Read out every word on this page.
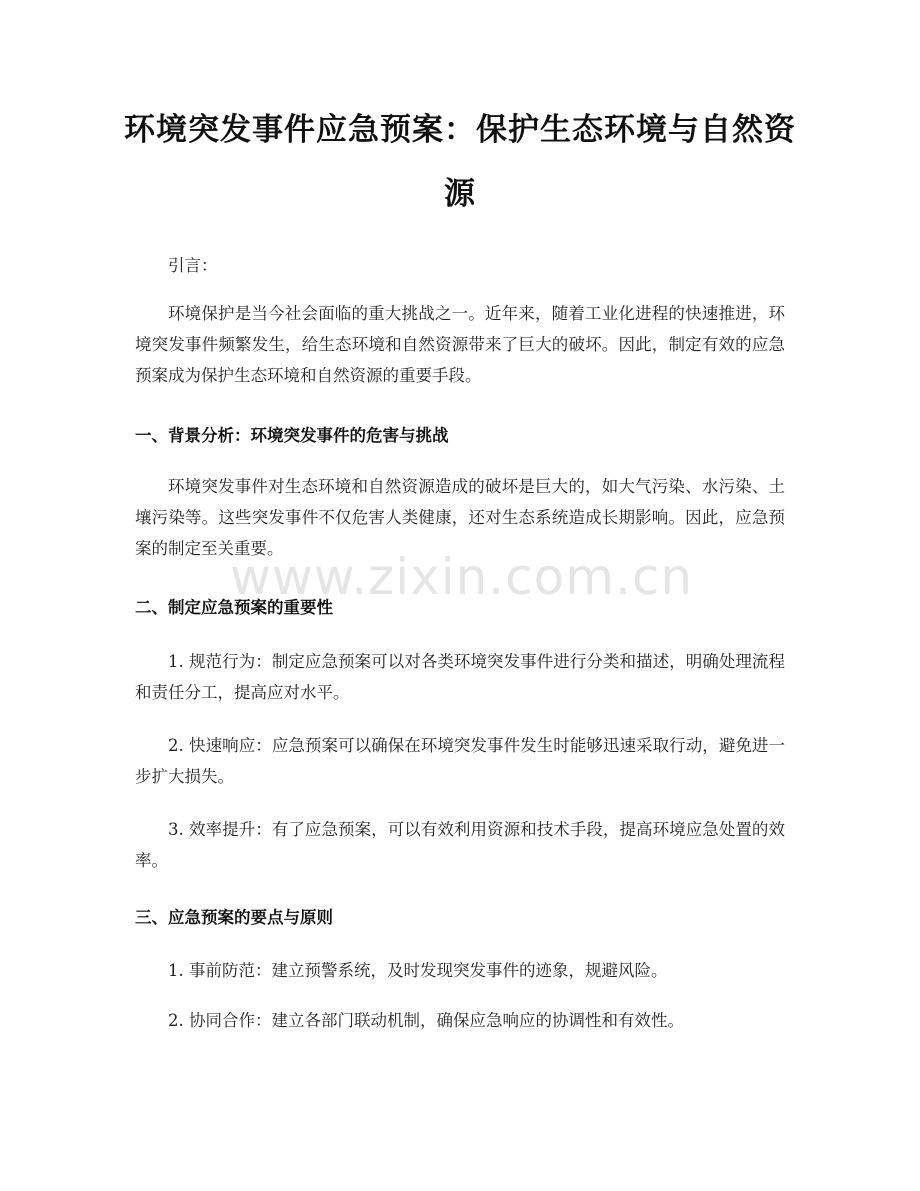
环境突发事件应急预案：保护生态环境与自然资源

引言：

环境保护是当今社会面临的重大挑战之一。近年来，随着工业化进程的快速推进，环境突发事件频繁发生，给生态环境和自然资源带来了巨大的破坏。因此，制定有效的应急预案成为保护生态环境和自然资源的重要手段。

一、背景分析：环境突发事件的危害与挑战

环境突发事件对生态环境和自然资源造成的破坏是巨大的，如大气污染、水污染、土壤污染等。这些突发事件不仅危害人类健康，还对生态系统造成长期影响。因此，应急预案的制定至关重要。

二、制定应急预案的重要性

1. 规范行为：制定应急预案可以对各类环境突发事件进行分类和描述，明确处理流程和责任分工，提高应对水平。

2. 快速响应：应急预案可以确保在环境突发事件发生时能够迅速采取行动，避免进一步扩大损失。

3. 效率提升：有了应急预案，可以有效利用资源和技术手段，提高环境应急处置的效率。

三、应急预案的要点与原则

1. 事前防范：建立预警系统，及时发现突发事件的迹象，规避风险。

2. 协同合作：建立各部门联动机制，确保应急响应的协调性和有效性。

www.zixin.com.cn
